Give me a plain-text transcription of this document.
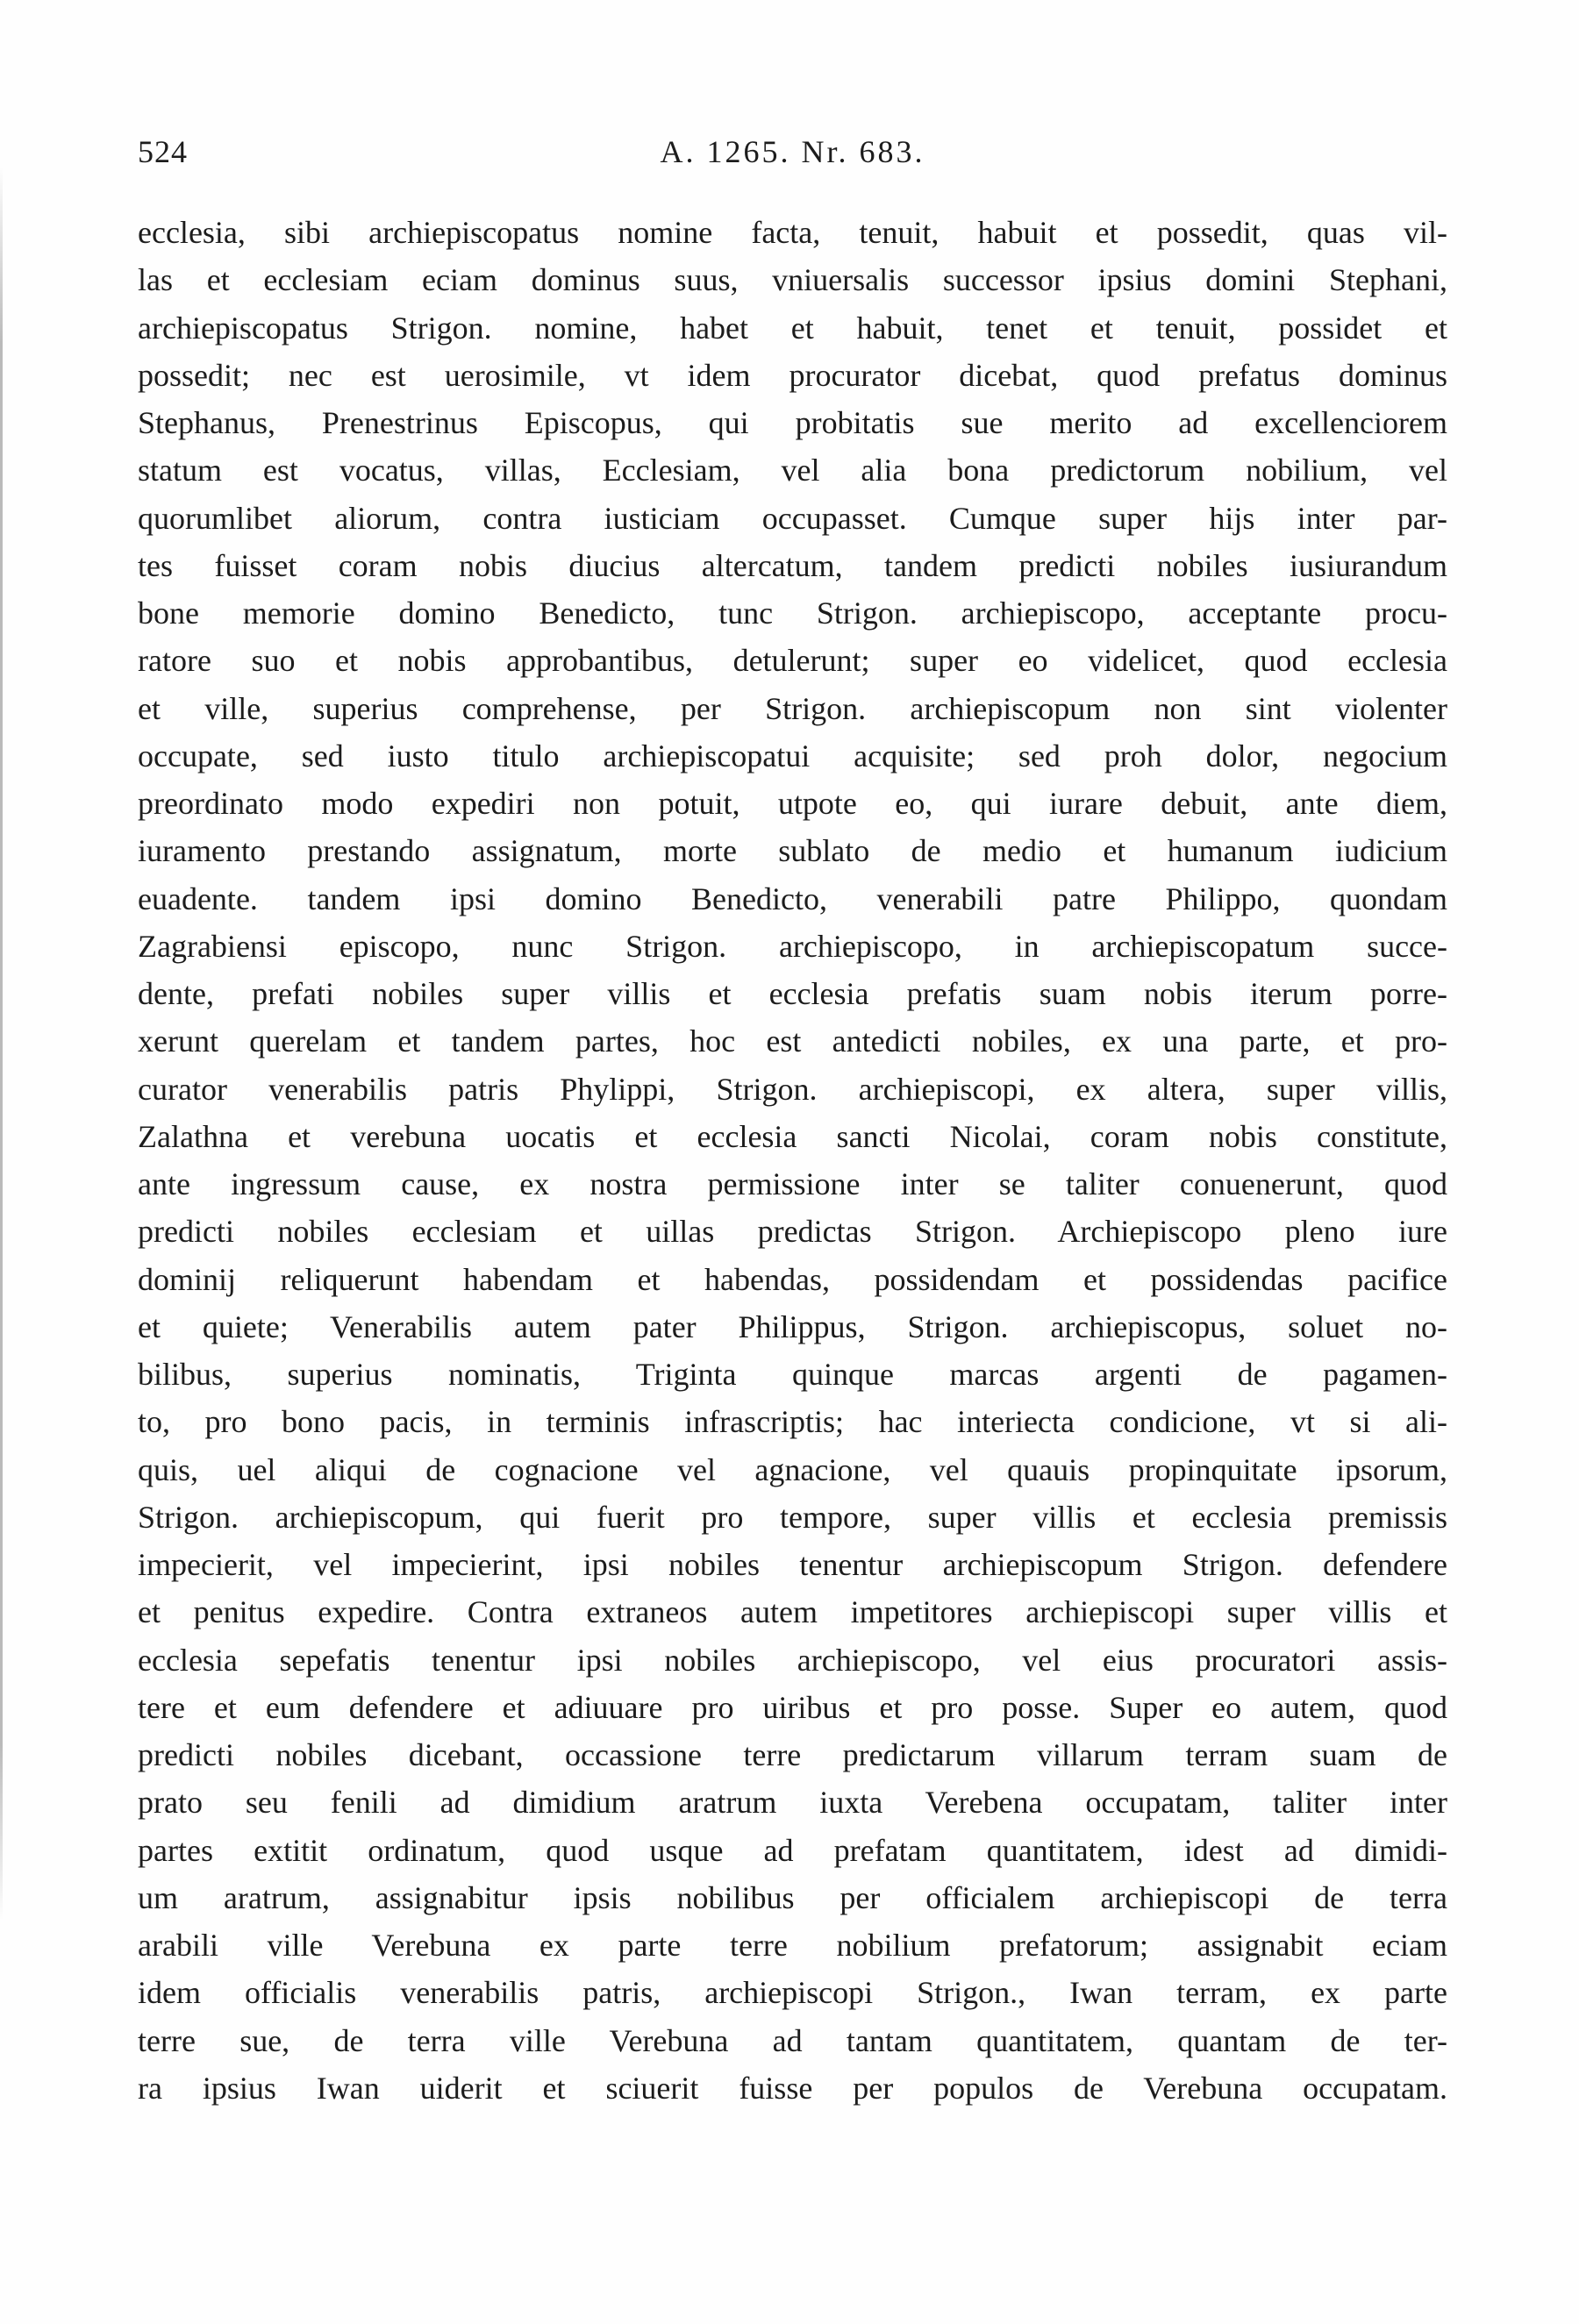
524	A. 1265. Nr. 683.
ecclesia, sibi archiepiscopatus nomine facta, tenuit, habuit et possedit, quas vil-
las et ecclesiam eciam dominus suus, vniuersalis successor ipsius domini Stephani,
archiepiscopatus Strigon. nomine, habet et habuit, tenet et tenuit, possidet et
possedit; nec est uerosimile, vt idem procurator dicebat, quod prefatus dominus
Stephanus, Prenestrinus Episcopus, qui probitatis sue merito ad excellenciorem
statum est vocatus, villas, Ecclesiam, vel alia bona predictorum nobilium, vel
quorumlibet aliorum, contra iusticiam occupasset. Cumque super hijs inter par-
tes fuisset coram nobis diucius altercatum, tandem predicti nobiles iusiurandum
bone memorie domino Benedicto, tunc Strigon. archiepiscopo, acceptante procu-
ratore suo et nobis approbantibus, detulerunt; super eo videlicet, quod ecclesia
et ville, superius comprehense, per Strigon. archiepiscopum non sint violenter
occupate, sed iusto titulo archiepiscopatui acquisite; sed proh dolor, negocium
preordinato modo expediri non potuit, utpote eo, qui iurare debuit, ante diem,
iuramento prestando assignatum, morte sublato de medio et humanum iudicium
euadente. tandem ipsi domino Benedicto, venerabili patre Philippo, quondam
Zagrabiensi episcopo, nunc Strigon. archiepiscopo, in archiepiscopatum succe-
dente, prefati nobiles super villis et ecclesia prefatis suam nobis iterum porre-
xerunt querelam et tandem partes, hoc est antedicti nobiles, ex una parte, et pro-
curator venerabilis patris Phylippi, Strigon. archiepiscopi, ex altera, super villis,
Zalathna et verebuna uocatis et ecclesia sancti Nicolai, coram nobis constitute,
ante ingressum cause, ex nostra permissione inter se taliter conuenerunt, quod
predicti nobiles ecclesiam et uillas predictas Strigon. Archiepiscopo pleno iure
dominij reliquerunt habendam et habendas, possidendam et possidendas pacifice
et quiete; Venerabilis autem pater Philippus, Strigon. archiepiscopus, soluet no-
bilibus, superius nominatis, Triginta quinque marcas argenti de pagamen-
to, pro bono pacis, in terminis infrascriptis; hac interiecta condicione, vt si ali-
quis, uel aliqui de cognacione vel agnacione, vel quauis propinquitate ipsorum,
Strigon. archiepiscopum, qui fuerit pro tempore, super villis et ecclesia premissis
impecierit, vel impecierint, ipsi nobiles tenentur archiepiscopum Strigon. defendere
et penitus expedire. Contra extraneos autem impetitores archiepiscopi super villis et
ecclesia sepefatis tenentur ipsi nobiles archiepiscopo, vel eius procuratori assis-
tere et eum defendere et adiuuare pro uiribus et pro posse. Super eo autem, quod
predicti nobiles dicebant, occassione terre predictarum villarum terram suam de
prato seu fenili ad dimidium aratrum iuxta Verebena occupatam, taliter inter
partes extitit ordinatum, quod usque ad prefatam quantitatem, idest ad dimidi-
um aratrum, assignabitur ipsis nobilibus per officialem archiepiscopi de terra
arabili ville Verebuna ex parte terre nobilium prefatorum; assignabit eciam
idem officialis venerabilis patris, archiepiscopi Strigon., Iwan terram, ex parte
terre sue, de terra ville Verebuna ad tantam quantitatem, quantam de ter-
ra ipsius Iwan uiderit et sciuerit fuisse per populos de Verebuna occupatam.
